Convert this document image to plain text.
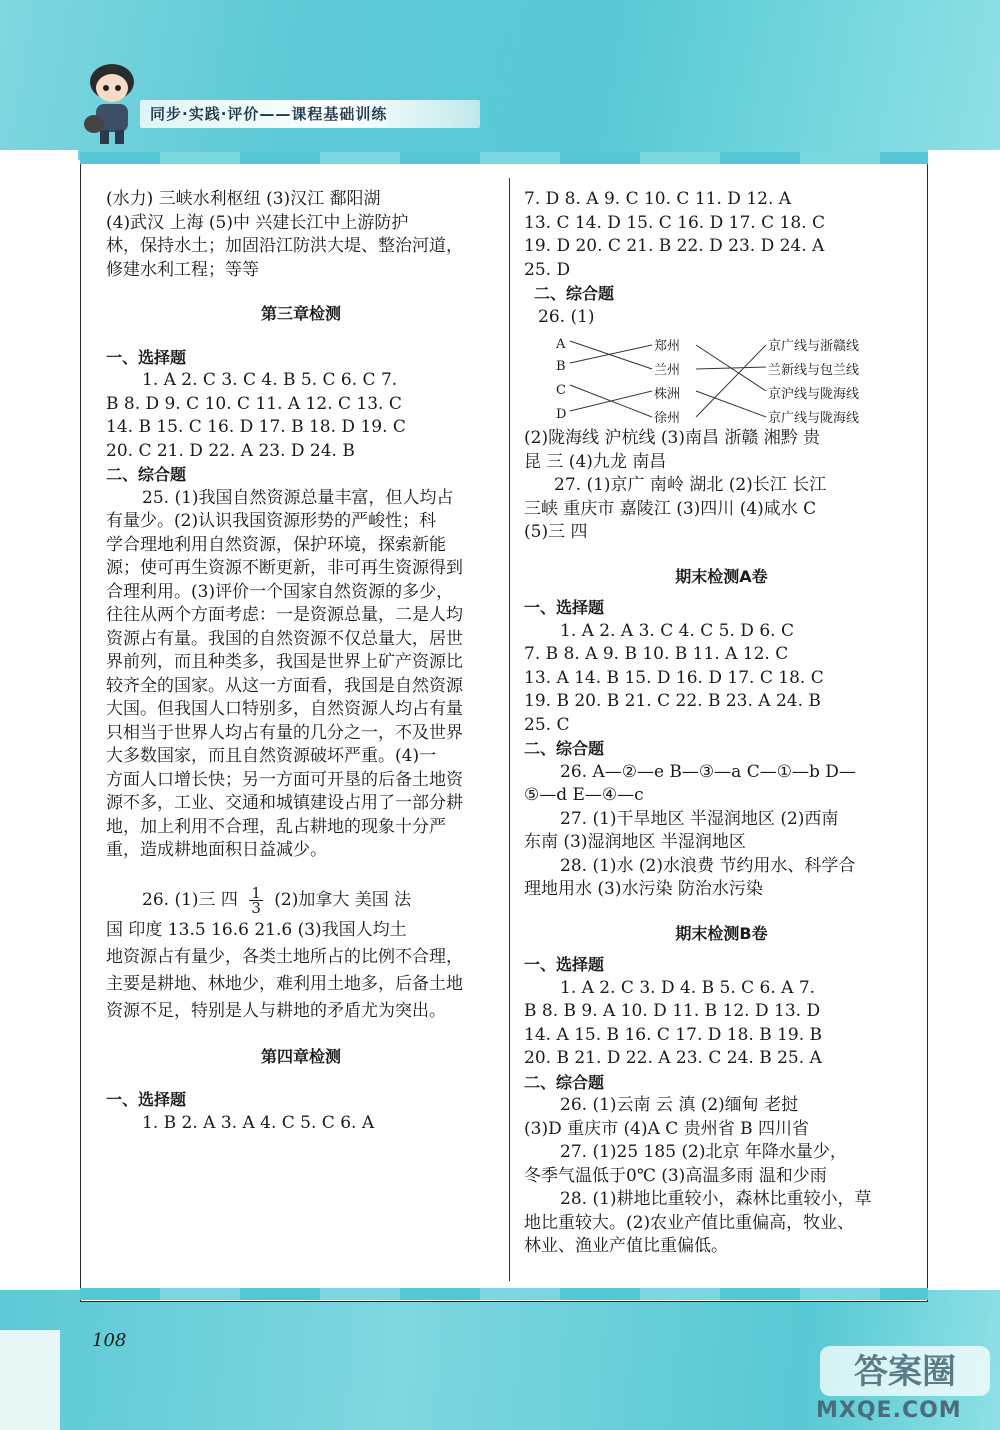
同步·实践·评价——课程基础训练

(水力) 三峡水利枢纽 (3)汉江 鄱阳湖

(4)武汉 上海 (5)中 兴建长江中上游防护

林，保持水土；加固沿江防洪大堤、整治河道，

修建水利工程；等等

第三章检测

一、选择题

1. A 2. C 3. C 4. B 5. C 6. C 7.

B 8. D 9. C 10. C 11. A 12. C 13. C

14. B 15. C 16. D 17. B 18. D 19. C

20. C 21. D 22. A 23. D 24. B

二、综合题

25. (1)我国自然资源总量丰富，但人均占

有量少。(2)认识我国资源形势的严峻性；科

学合理地利用自然资源，保护环境，探索新能

源；使可再生资源不断更新，非可再生资源得到

合理利用。(3)评价一个国家自然资源的多少，

往往从两个方面考虑：一是资源总量，二是人均

资源占有量。我国的自然资源不仅总量大，居世

界前列，而且种类多，我国是世界上矿产资源比

较齐全的国家。从这一方面看，我国是自然资源

大国。但我国人口特别多，自然资源人均占有量

只相当于世界人均占有量的几分之一，不及世界

大多数国家，而且自然资源破坏严重。(4)一

方面人口增长快；另一方面可开垦的后备土地资

源不多，工业、交通和城镇建设占用了一部分耕

地，加上利用不合理，乱占耕地的现象十分严

重，造成耕地面积日益减少。

26. (1)三 四 $\frac{1}{3} (2)$加拿大 美国 法

国 印度 13.5 16.6 21.6 (3)我国人均土

地资源占有量少，各类土地所占的比例不合理，

主要是耕地、林地少，难利用土地多，后备土地

资源不足，特别是人与耕地的矛盾尤为突出。

第四章检测

一、选择题

1. B 2. A 3. A 4. C 5. C 6. A

7. D 8. A 9. C 10. C 11. D 12. A

13. C 14. D 15. C 16. D 17. C 18. C

19. D 20. C 21. B 22. D 23. D 24. A

25. D

二、综合题

26. (1)

A
B
C
D
郑州
兰州
株洲
徐州
京广线与浙赣线
兰新线与包兰线
京沪线与陇海线
京广线与陇海线

(2)陇海线 沪杭线 (3)南昌 浙赣 湘黔 贵

昆 三 (4)九龙 南昌

27. (1)京广 南岭 湖北 (2)长江 长江

三峡 重庆市 嘉陵江 (3)四川 (4)咸水 C

(5)三 四

期末检测A卷

一、选择题

1. A 2. A 3. C 4. C 5. D 6. C

7. B 8. A 9. B 10. B 11. A 12. C

13. A 14. B 15. D 16. D 17. C 18. C

19. B 20. B 21. C 22. B 23. A 24. B

25. C

二、综合题

26. A—②—e B—③—a C—①—b D—

⑤—d E—④—c

27. (1)干旱地区 半湿润地区 (2)西南

东南 (3)湿润地区 半湿润地区

28. (1)水 (2)水浪费 节约用水、科学合

理地用水 (3)水污染 防治水污染

期末检测B卷

一、选择题

1. A 2. C 3. D 4. B 5. C 6. A 7.

B 8. B 9. A 10. D 11. B 12. D 13. D

14. A 15. B 16. C 17. D 18. B 19. B

20. B 21. D 22. A 23. C 24. B 25. A

二、综合题

26. (1)云南 云 滇 (2)缅甸 老挝

(3)D 重庆市 (4)A C 贵州省 B 四川省

27. (1)25 185 (2)北京 年降水量少，

冬季气温低于0℃ (3)高温多雨 温和少雨

28. (1)耕地比重较小，森林比重较小，草

地比重较大。(2)农业产值比重偏高，牧业、

林业、渔业产值比重偏低。

108
答案圈
MXQE.COM
